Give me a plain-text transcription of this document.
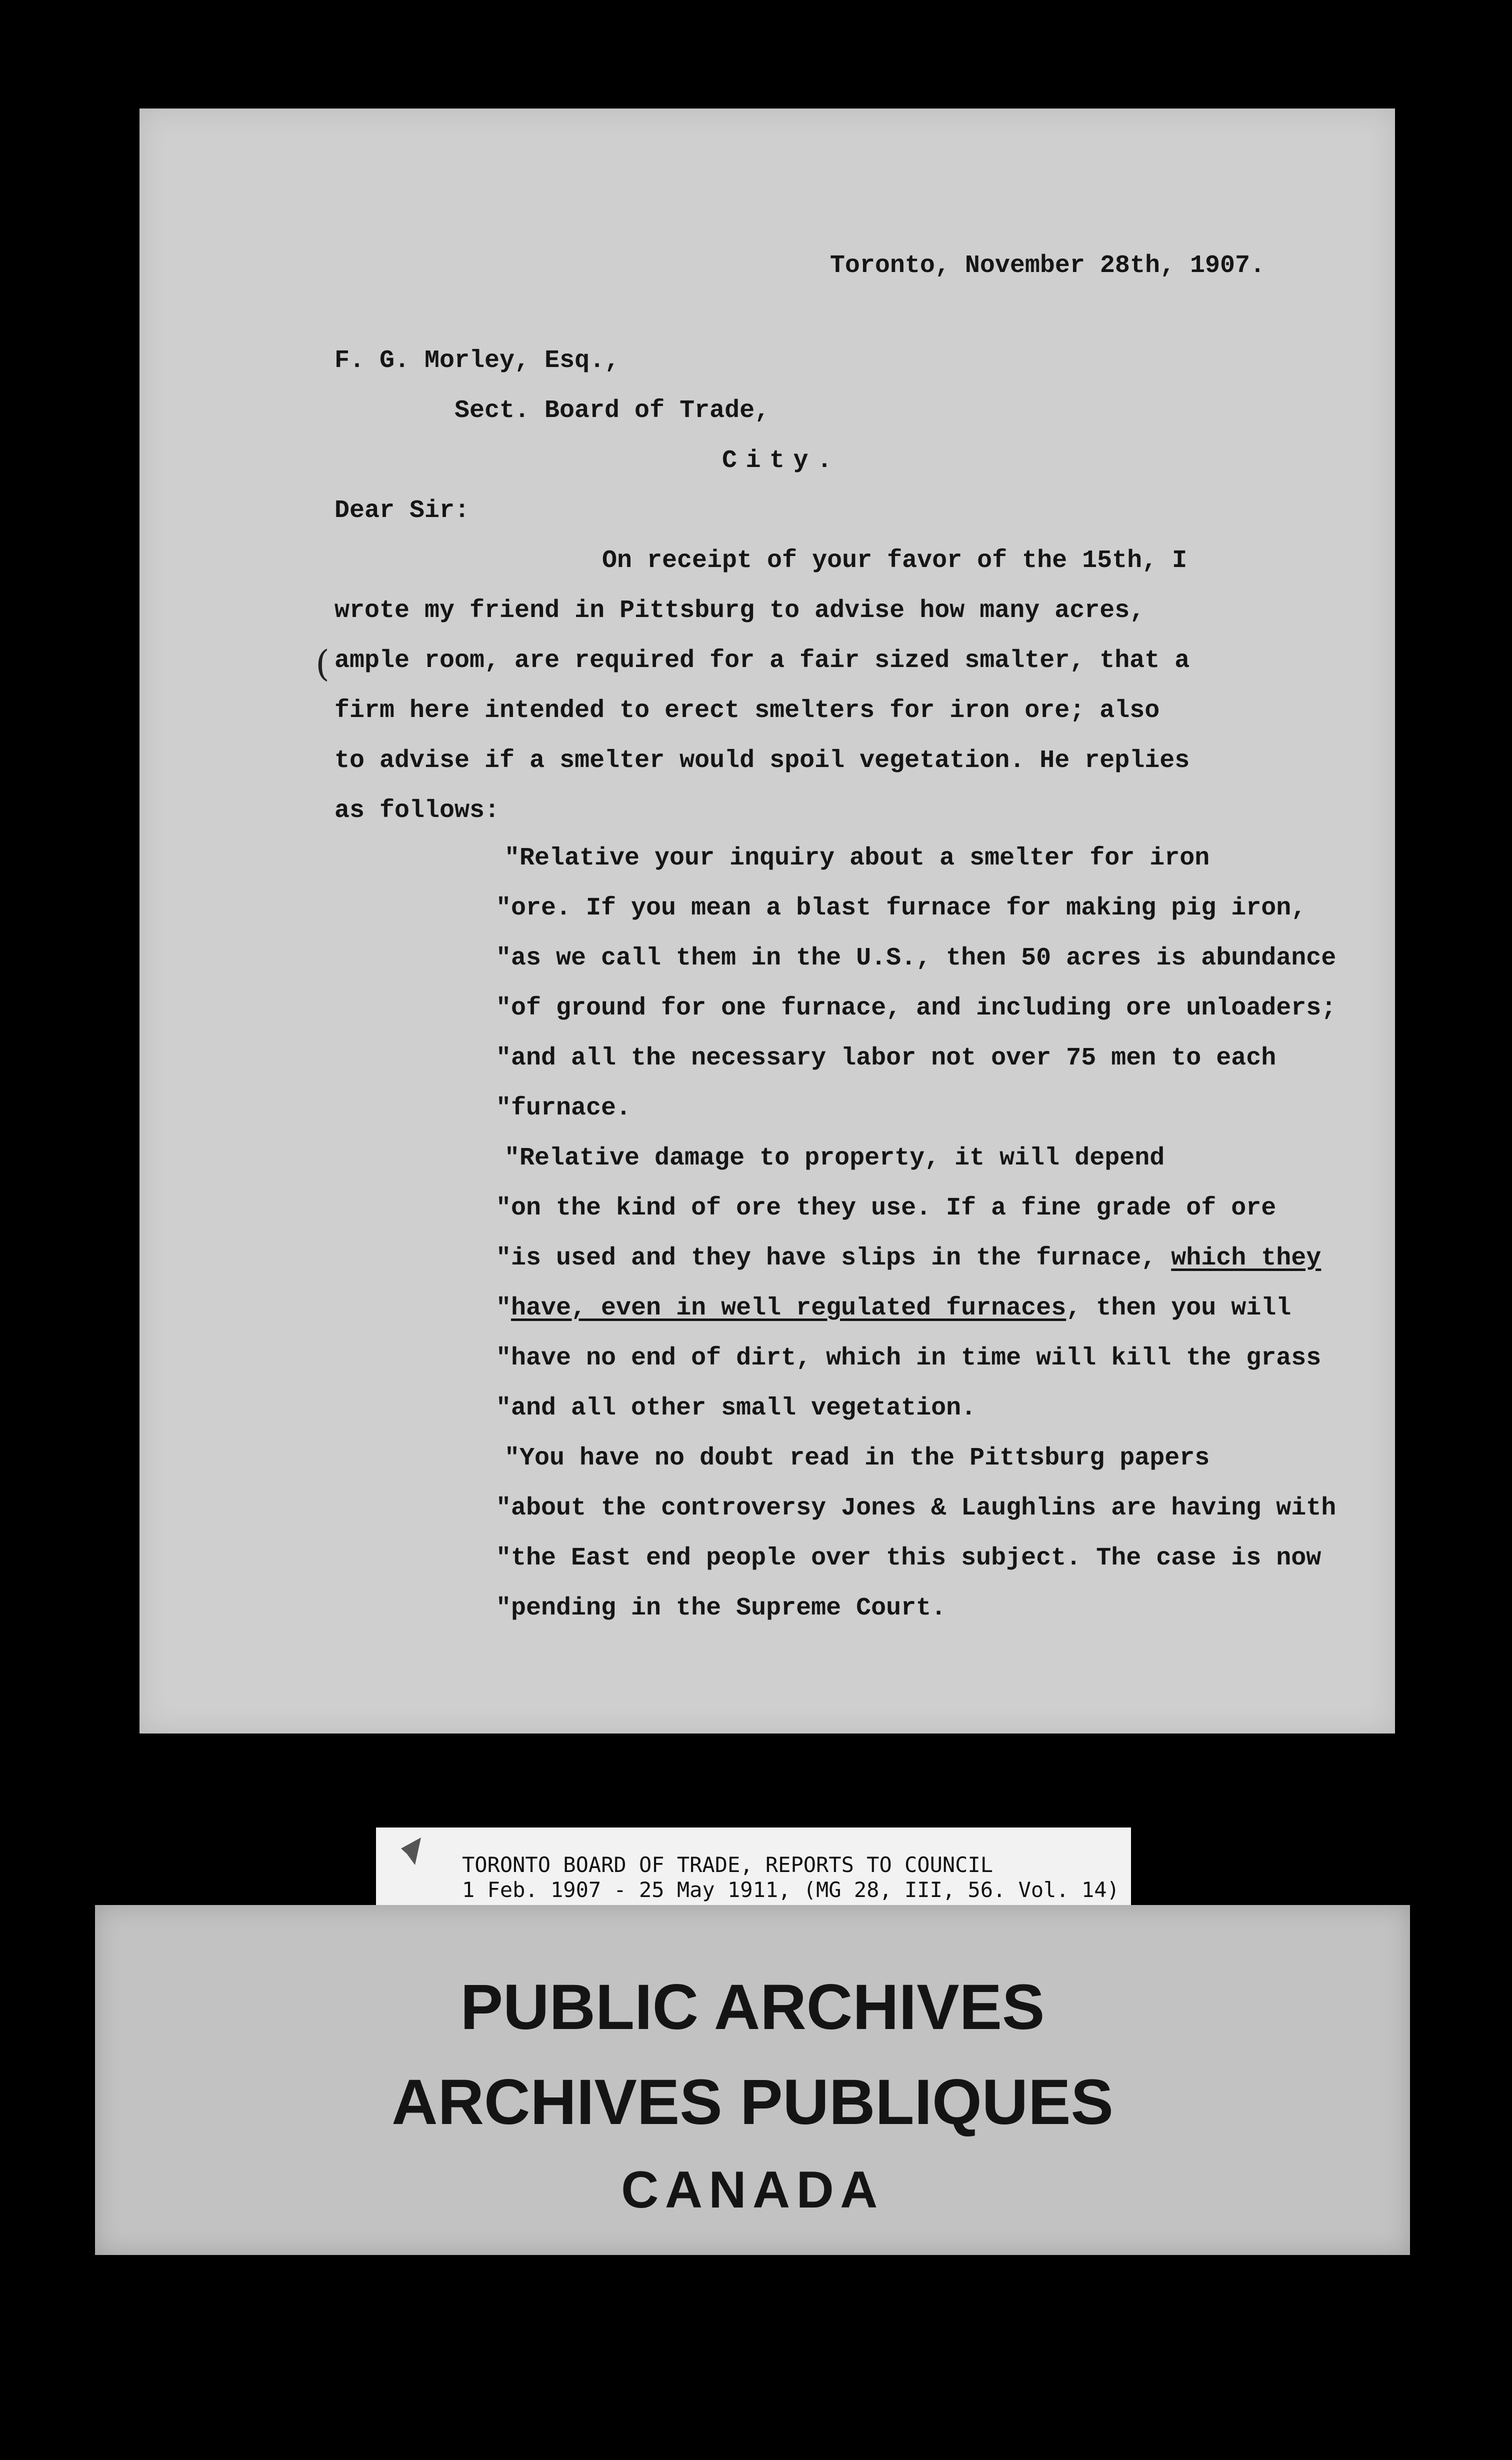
Toronto, November 28th, 1907.
F. G. Morley, Esq.,
Sect. Board of Trade,
City.
Dear Sir:
On receipt of your favor of the 15th, I
wrote my friend in Pittsburg to advise how many acres,
( ample room, are required for a fair sized smalter, that a
firm here intended to erect smelters for iron ore; also
to advise if a smelter would spoil vegetation. He replies
as follows:
"Relative your inquiry about a smelter for iron
"ore. If you mean a blast furnace for making pig iron,
"as we call them in the U.S., then 50 acres is abundance
"of ground for one furnace, and including ore unloaders;
"and all the necessary labor not over 75 men to each
"furnace.
"Relative damage to property, it will depend
"on the kind of ore they use. If a fine grade of ore
"is used and they have slips in the furnace, which they
"have, even in well regulated furnaces, then you will
"have no end of dirt, which in time will kill the grass
"and all other small vegetation.
"You have no doubt read in the Pittsburg papers
"about the controversy Jones & Laughlins are having with
"the East end people over this subject. The case is now
"pending in the Supreme Court.
TORONTO BOARD OF TRADE, REPORTS TO COUNCIL
1 Feb. 1907 - 25 May 1911, (MG 28, III, 56. Vol. 14)
PUBLIC ARCHIVES
ARCHIVES PUBLIQUES
CANADA
